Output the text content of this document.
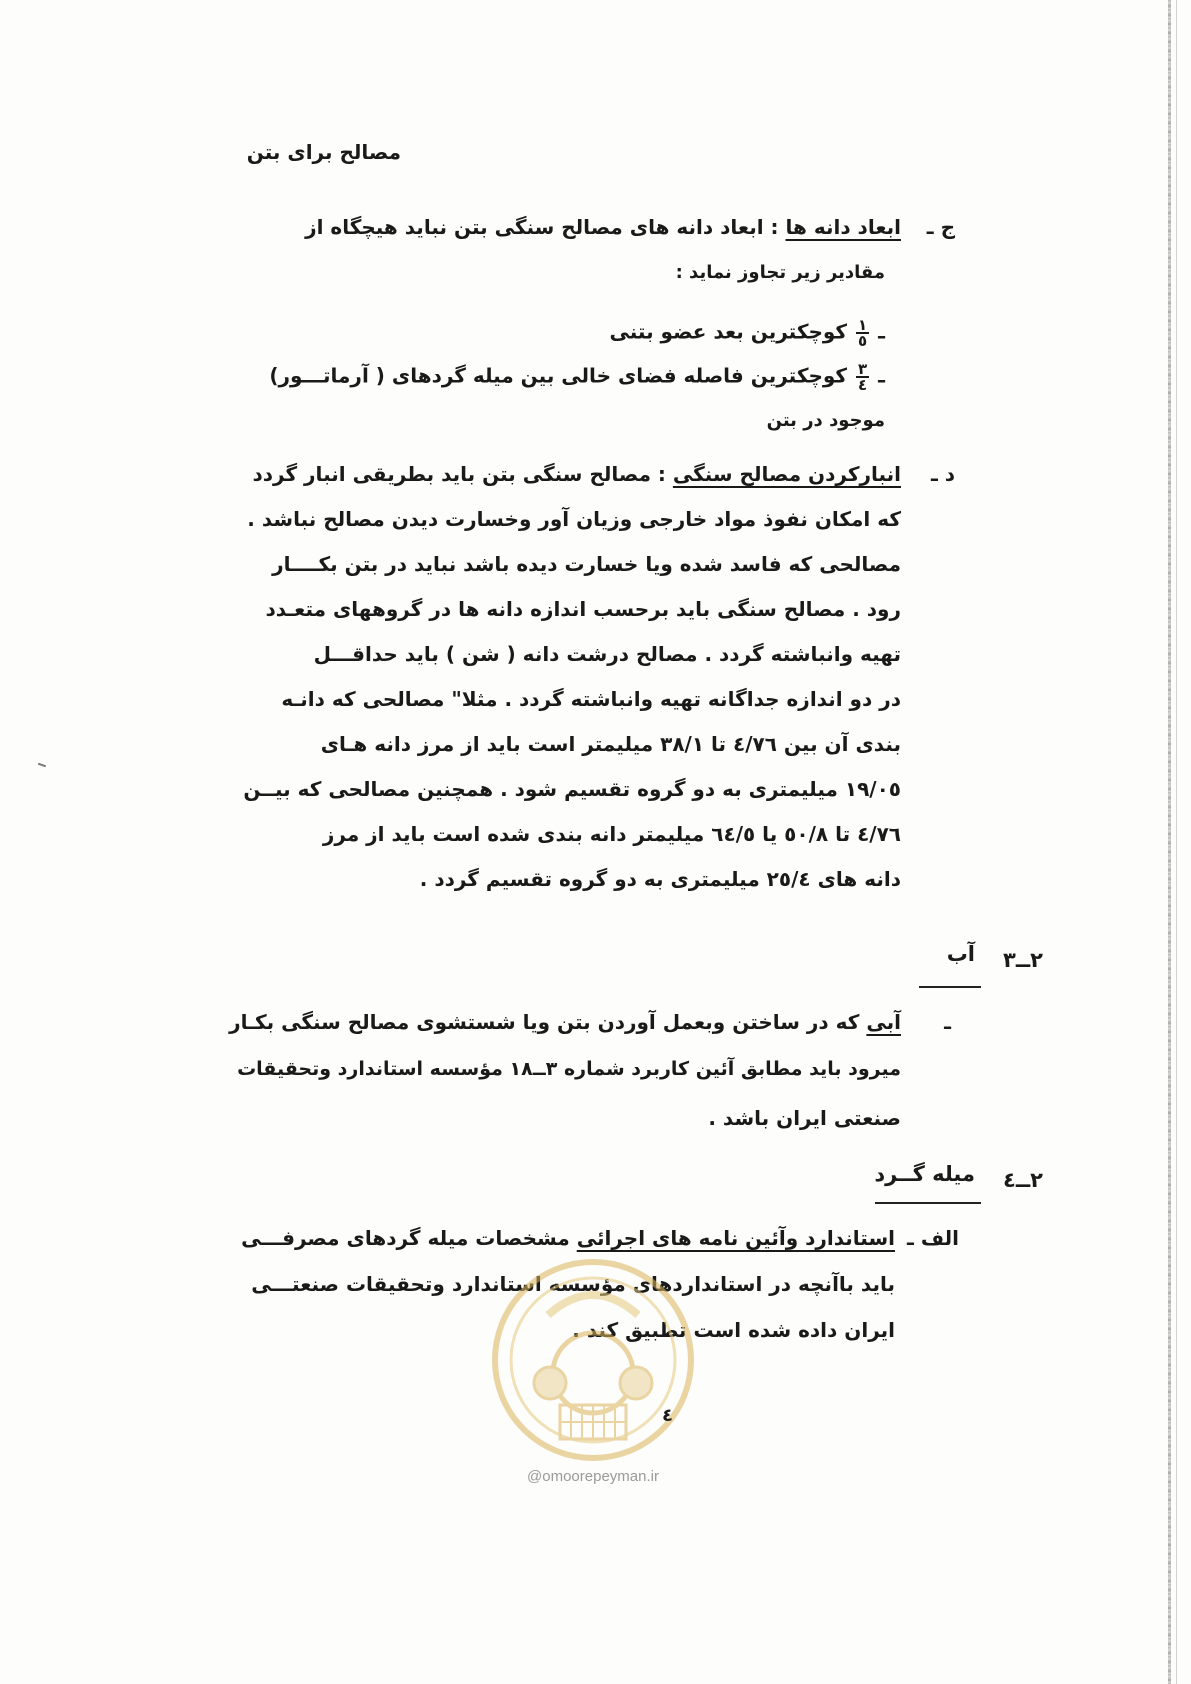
مصالح برای بتن
ج ـ
ابعاد دانه ها : ابعاد دانه های مصالح سنگی بتن نباید هیچگاه از
مقادیر زیر تجاوز نماید :
ـ
$\frac{١}{٥}$
کوچکترین بعد عضو بتنی
ـ
$\frac{٣}{٤}$
کوچکترین فاصله فضای خالی بین میله گردهای ( آرماتـــور)
موجود در بتن
د ـ
انبارکردن مصالح سنگی : مصالح سنگی بتن باید بطریقی انبار گردد
که امکان نفوذ مواد خارجی وزیان آور وخسارت دیدن مصالح نباشد .
مصالحی که فاسد شده ویا خسارت دیده باشد نباید در بتن بکــــار
رود . مصالح سنگی باید برحسب اندازه دانه ها در گروههای متعـدد
تهیه وانباشته گردد . مصالح درشت دانه ( شن ) باید حداقـــل
در دو اندازه جداگانه تهیه وانباشته گردد . مثلا" مصالحی که دانـه
بندی آن بین ٤/٧٦ تا ٣٨/١ میلیمتر است باید از مرز دانه هـای
١٩/٠٥ میلیمتری به دو گروه تقسیم شود . همچنین مصالحی که بیــن
٤/٧٦ تا ٥٠/٨ یا ٦٤/٥ میلیمتر دانه بندی شده است باید از مرز
دانه های ٢٥/٤ میلیمتری به دو گروه تقسیم گردد .
٢ــ٣
آب
ـ
آبی که در ساختن وبعمل آوردن بتن ویا شستشوی مصالح سنگی بکـار
میرود باید مطابق آئین کاربرد شماره ٣ــ١٨ مؤسسه استاندارد وتحقیقات
صنعتی ایران باشد .
٢ــ٤
میله گــرد
الف ـ
استاندارد وآئین نامه های اجرائی مشخصات میله گردهای مصرفـــی
باید باآنچه در استانداردهای مؤسسه استاندارد وتحقیقات صنعتـــی
ایران داده شده است تطبیق کند .
٤
@omoorepeyman.ir
